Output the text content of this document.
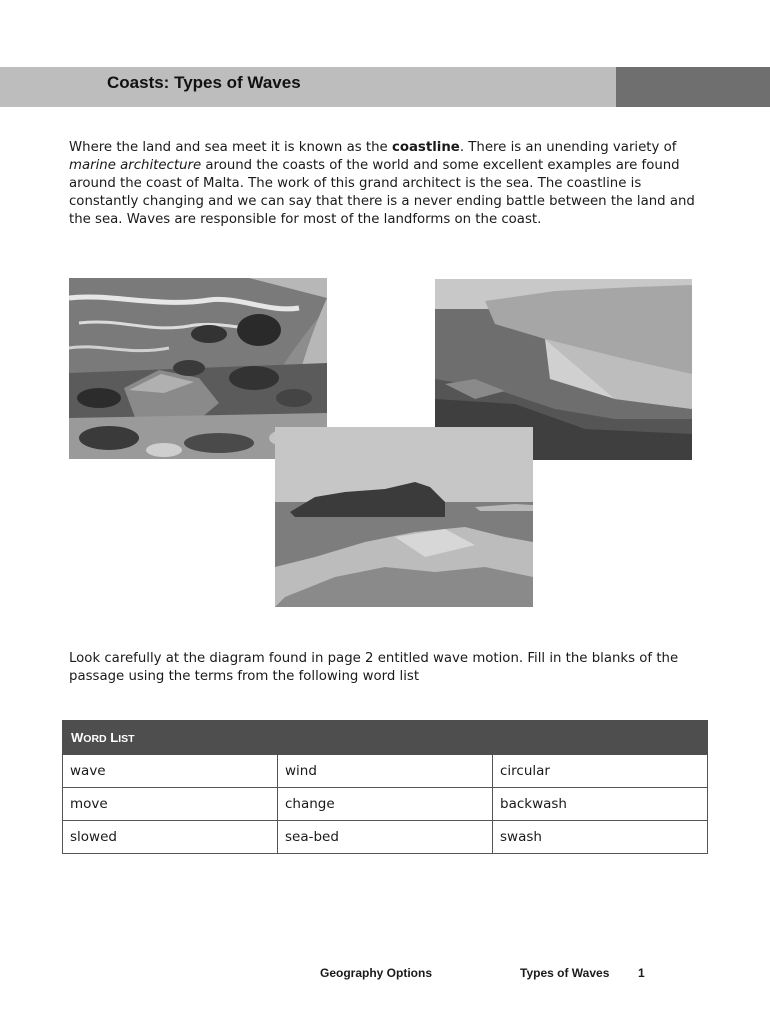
Coasts: Types of Waves
Where the land and sea meet it is known as the coastline. There is an unending variety of marine architecture around the coasts of the world and some excellent examples are found around the coast of Malta. The work of this grand architect is the sea. The coastline is constantly changing and we can say that there is a never ending battle between the land and the sea. Waves are responsible for most of the landforms on the coast.
Look carefully at the diagram found in page 2 entitled wave motion. Fill in the blanks of the passage using the terms from the following word list
WORD LIST		
wave	wind	circular
move	change	backwash
slowed	sea-bed	swash
Geography Options	Types of Waves 1
